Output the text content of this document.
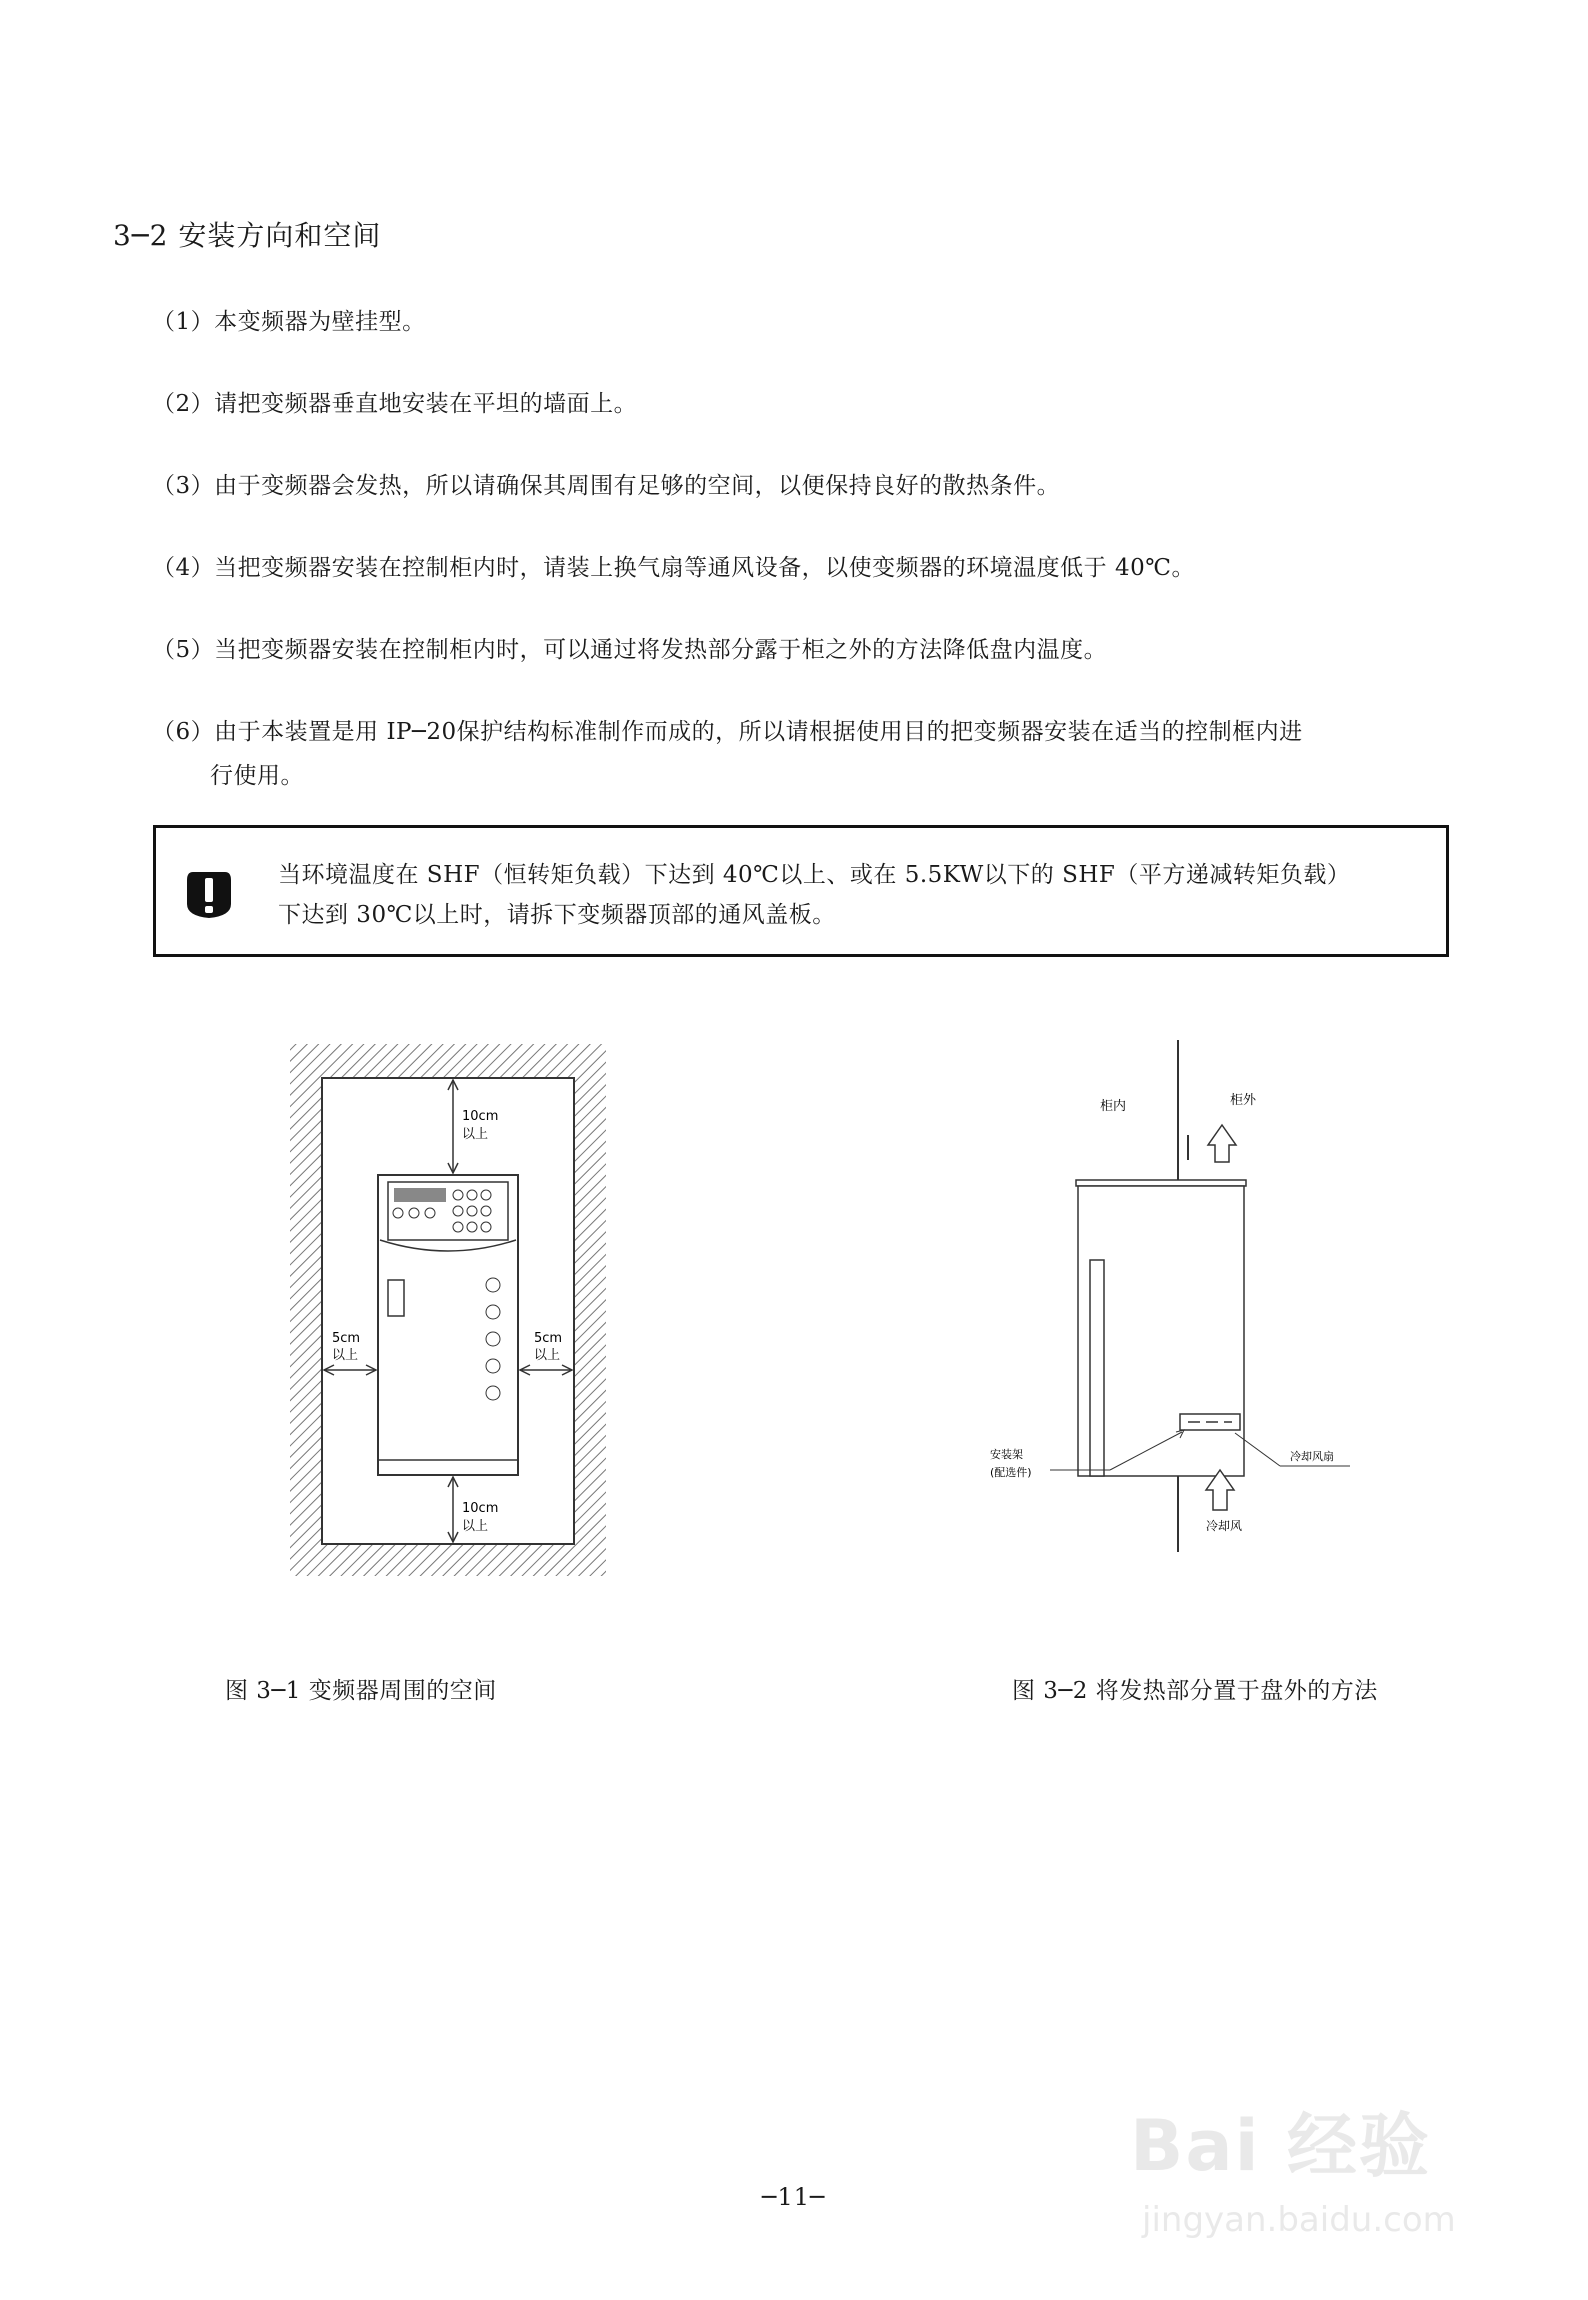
3─2 安装方向和空间
（1）本变频器为壁挂型。
（2）请把变频器垂直地安装在平坦的墙面上。
（3）由于变频器会发热，所以请确保其周围有足够的空间，以便保持良好的散热条件。
（4）当把变频器安装在控制柜内时，请装上换气扇等通风设备，以使变频器的环境温度低于 40℃。
（5）当把变频器安装在控制柜内时，可以通过将发热部分露于柜之外的方法降低盘内温度。
（6）由于本装置是用 IP─20保护结构标准制作而成的，所以请根据使用目的把变频器安装在适当的控制框内进
行使用。
当环境温度在 SHF（恒转矩负载）下达到 40℃以上、或在 5.5KW以下的 SHF（平方递减转矩负载）
下达到 30℃以上时，请拆下变频器顶部的通风盖板。
10cm
以上
10cm
以上
5cm
以上
5cm
以上
柜内	柜外
冷却风
安装架
(配选件)
冷却风扇
图 3─1 变频器周围的空间	图 3─2 将发热部分置于盘外的方法
─11─
Bai 经验
jingyan.baidu.com
